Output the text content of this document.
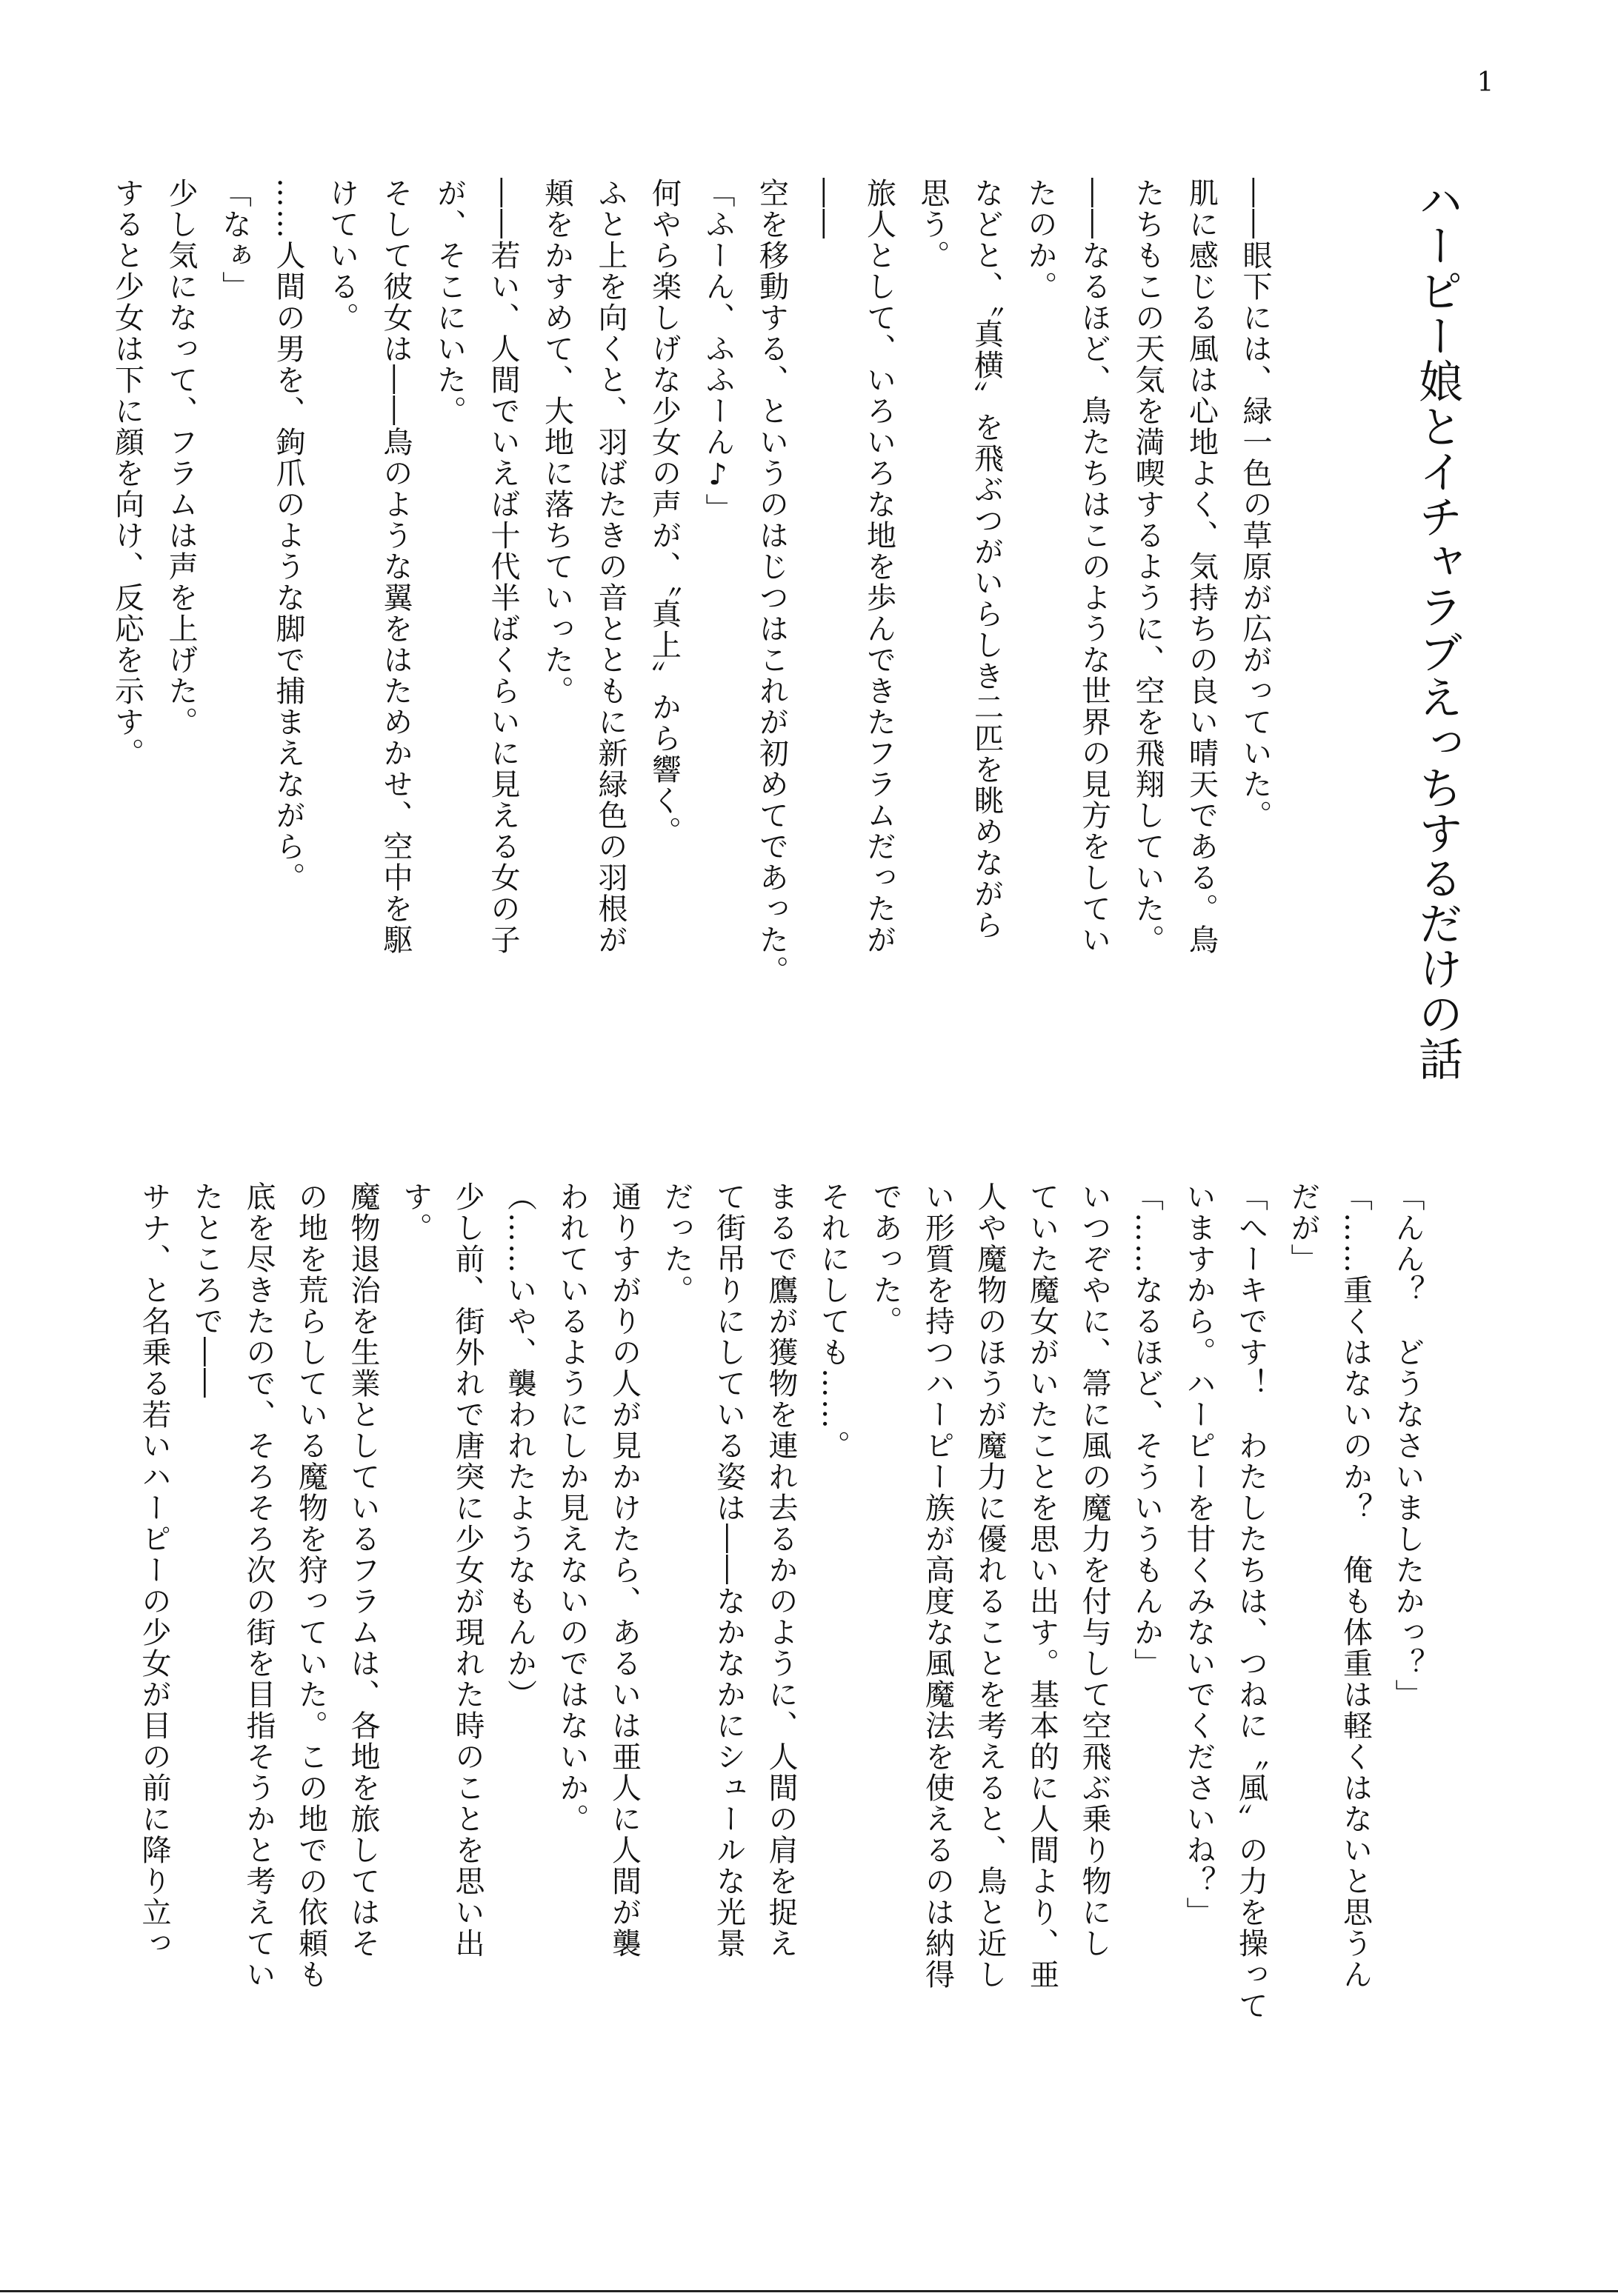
1
ハーピー娘とイチャラブえっちするだけの話
――眼下には、緑一色の草原が広がっていた。
肌に感じる風は心地よく、気持ちの良い晴天である。鳥
たちもこの天気を満喫するように、空を飛翔していた。
――なるほど、鳥たちはこのような世界の見方をしてい
たのか。
などと、〝真横〟を飛ぶつがいらしき二匹を眺めながら
思う。
旅人として、いろいろな地を歩んできたフラムだったが
――
空を移動する、というのはじつはこれが初めてであった。
「ふーん、ふふーん♪」
何やら楽しげな少女の声が、〝真上〟から響く。
ふと上を向くと、羽ばたきの音とともに新緑色の羽根が
頬をかすめて、大地に落ちていった。
――若い、人間でいえば十代半ばくらいに見える女の子
が、そこにいた。
そして彼女は――鳥のような翼をはためかせ、空中を駆
けている。
……人間の男を、鉤爪のような脚で捕まえながら。
「なぁ」
少し気になって、フラムは声を上げた。
すると少女は下に顔を向け、反応を示す。
「んん？　どうなさいましたかっ？」
「……重くはないのか？　俺も体重は軽くはないと思うん
だが」
「へーキです！　わたしたちは、つねに〝風〟の力を操って
いますから。ハーピーを甘くみないでくださいね？」
「……なるほど、そういうもんか」
いつぞやに、箒に風の魔力を付与して空飛ぶ乗り物にし
ていた魔女がいたことを思い出す。基本的に人間より、亜
人や魔物のほうが魔力に優れることを考えると、鳥と近し
い形質を持つハーピー族が高度な風魔法を使えるのは納得
であった。
それにしても……。
まるで鷹が獲物を連れ去るかのように、人間の肩を捉え
て街吊りにしている姿は――なかなかにシュールな光景
だった。
通りすがりの人が見かけたら、あるいは亜人に人間が襲
われているようにしか見えないのではないか。
（……いや、襲われたようなもんか）
少し前、街外れで唐突に少女が現れた時のことを思い出
す。
魔物退治を生業としているフラムは、各地を旅してはそ
の地を荒らしている魔物を狩っていた。この地での依頼も
底を尽きたので、そろそろ次の街を目指そうかと考えてい
たところで――
サナ、と名乗る若いハーピーの少女が目の前に降り立っ
